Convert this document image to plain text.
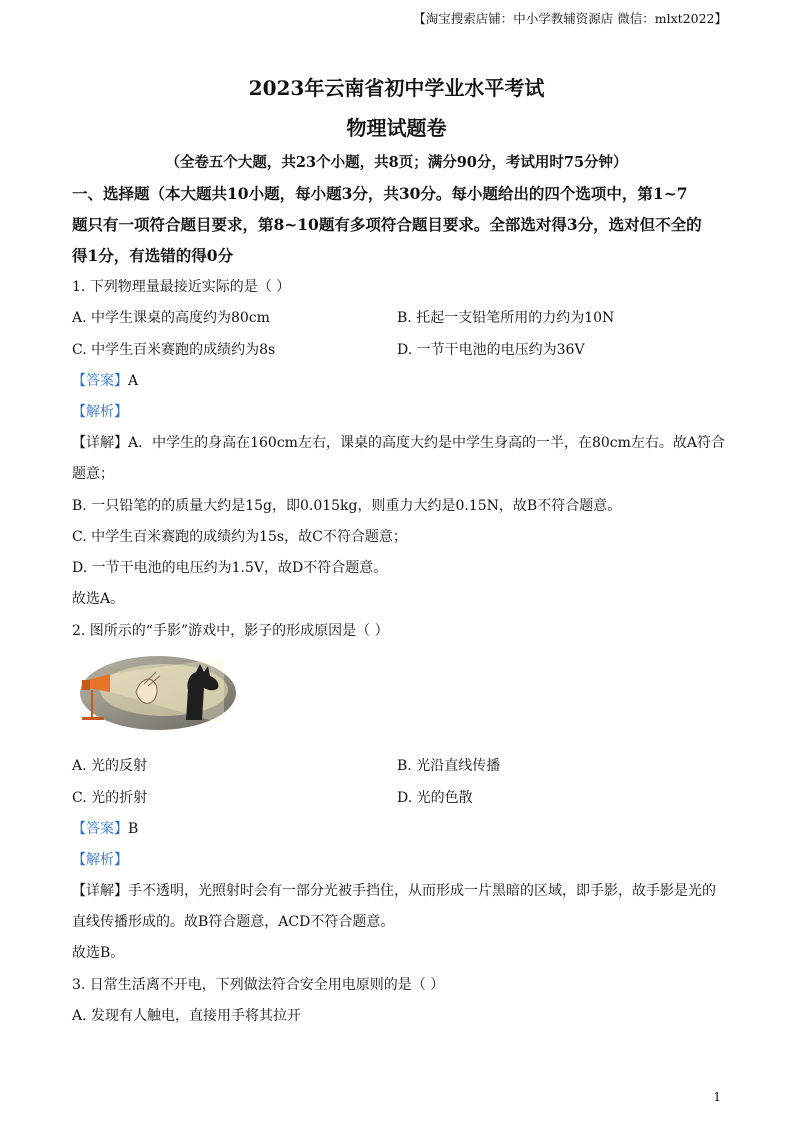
【淘宝搜索店铺：中小学教辅资源店 微信：mlxt2022】
2023年云南省初中学业水平考试
物理试题卷
（全卷五个大题，共23个小题，共8页；满分90分，考试用时75分钟）
一、选择题（本大题共10小题，每小题3分，共30分。每小题给出的四个选项中，第1~7
题只有一项符合题目要求，第8~10题有多项符合题目要求。全部选对得3分，选对但不全的
得1分，有选错的得0分
1. 下列物理量最接近实际的是（ ）
A. 中学生课桌的高度约为80cm	B. 托起一支铅笔所用的力约为10N
C. 中学生百米赛跑的成绩约为8s	D. 一节干电池的电压约为36V
【答案】A
【解析】
【详解】A．中学生的身高在160cm左右，课桌的高度大约是中学生身高的一半，在80cm左右。故A符合
题意；
B. 一只铅笔的的质量大约是15g，即0.015kg，则重力大约是0.15N，故B不符合题意。
C. 中学生百米赛跑的成绩约为15s，故C不符合题意；
D. 一节干电池的电压约为1.5V，故D不符合题意。
故选A。
2. 图所示的“手影”游戏中，影子的形成原因是（ ）
A. 光的反射	B. 光沿直线传播
C. 光的折射	D. 光的色散
【答案】B
【解析】
【详解】手不透明，光照射时会有一部分光被手挡住，从而形成一片黑暗的区域，即手影，故手影是光的
直线传播形成的。故B符合题意，ACD不符合题意。
故选B。
3. 日常生活离不开电，下列做法符合安全用电原则的是（ ）
A. 发现有人触电，直接用手将其拉开
1
